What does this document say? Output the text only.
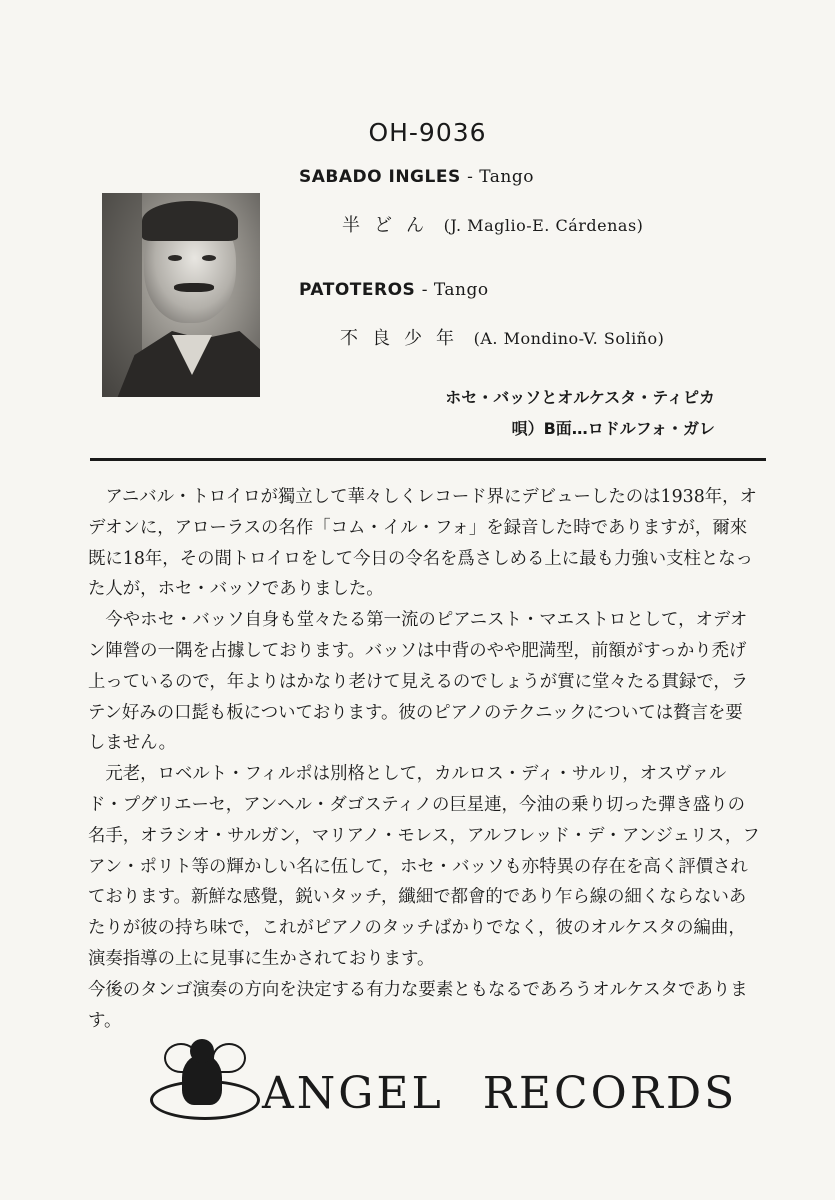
OH-9036
SABADO INGLES - Tango
半どん (J. Maglio-E. Cárdenas)
PATOTEROS - Tango
不良少年 (A. Mondino-V. Soliño)
ホセ・バッソとオルケスタ・ティピカ
唄）B面…ロドルフォ・ガレ

アニバル・トロイロが獨立して華々しくレコード界にデビューしたのは1938年，オデオンに，アローラスの名作「コム・イル・フォ」を録音した時でありますが，爾來既に18年，その間トロイロをして今日の令名を爲さしめる上に最も力強い支柱となった人が，ホセ・バッソでありました。

今やホセ・バッソ自身も堂々たる第一流のピアニスト・マエストロとして，オデオン陣營の一隅を占據しております。バッソは中背のやや肥満型，前額がすっかり禿げ上っているので，年よりはかなり老けて見えるのでしょうが實に堂々たる貫録で，ラテン好みの口髭も板についております。彼のピアノのテクニックについては贅言を要しません。

元老，ロベルト・フィルポは別格として，カルロス・ディ・サルリ，オスヴァルド・プグリエーセ，アンヘル・ダゴスティノの巨星連，今油の乗り切った彈き盛りの名手，オラシオ・サルガン，マリアノ・モレス，アルフレッド・デ・アンジェリス，フアン・ポリト等の輝かしい名に伍して，ホセ・バッソも亦特異の存在を高く評價されております。新鮮な感覺，鋭いタッチ，纖細で都會的であり乍ら線の細くならないあたりが彼の持ち味で，これがピアノのタッチばかりでなく，彼のオルケスタの編曲，演奏指導の上に見事に生かされております。

今後のタンゴ演奏の方向を決定する有力な要素ともなるであろうオルケスタであります。

ANGEL RECORDS
